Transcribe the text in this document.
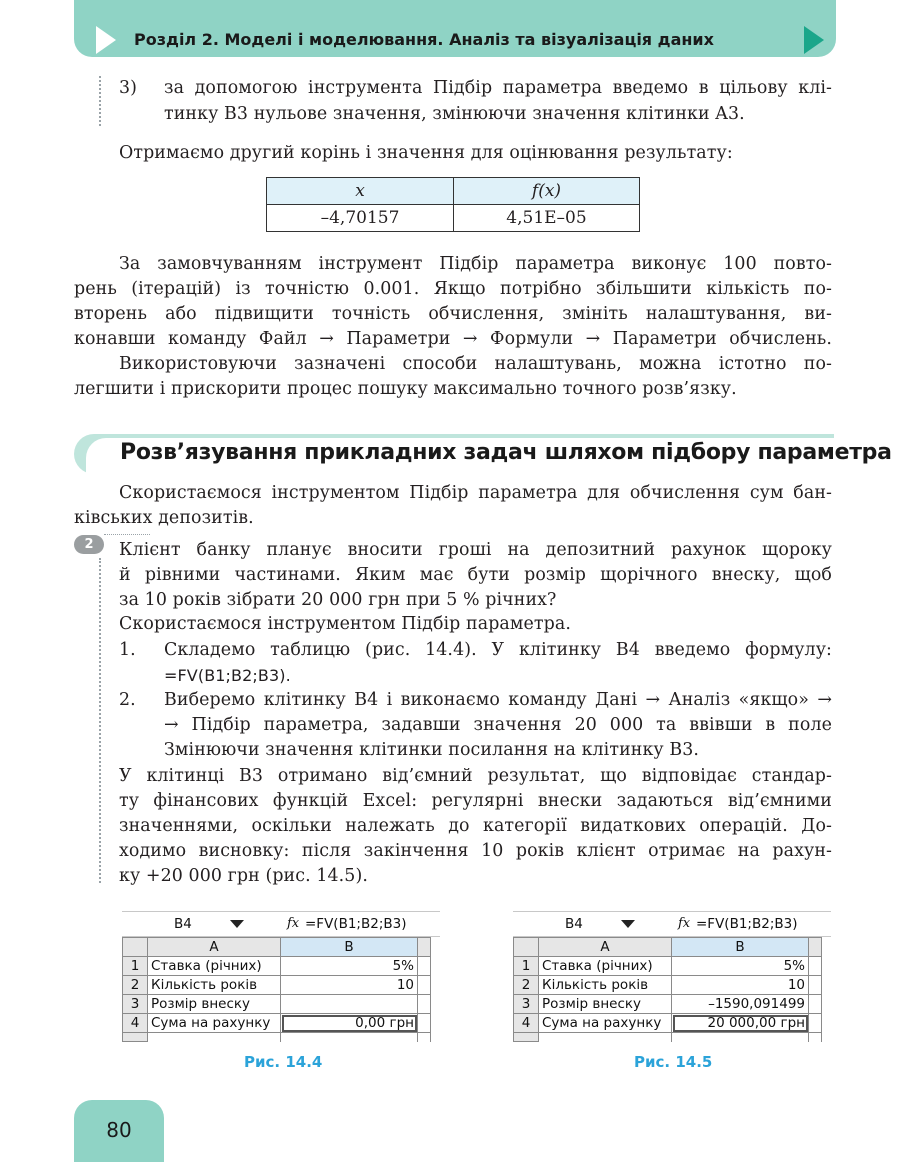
Розділ 2. Моделі і моделювання. Аналіз та візуалізація даних
3) за допомогою інструмента Підбір параметра введемо в цільову клі-
тинку B3 нульове значення, змінюючи значення клітинки A3.
Отримаємо другий корінь і значення для оцінювання результату:
x	f(x)
–4,70157	4,51E–05
За замовчуванням інструмент Підбір параметра виконує 100 повто-
рень (ітерацій) із точністю 0.001. Якщо потрібно збільшити кількість по-
вторень або підвищити точність обчислення, змініть налаштування, ви-
конавши команду Файл → Параметри → Формули → Параметри обчислень.
Використовуючи зазначені способи налаштувань, можна істотно по-
легшити і прискорити процес пошуку максимально точного розв’язку.
Розв’язування прикладних задач шляхом підбору параметра
Скористаємося інструментом Підбір параметра для обчислення сум бан-
ківських депозитів.
2	Клієнт банку планує вносити гроші на депозитний рахунок щороку
й рівними частинами. Яким має бути розмір щорічного внеску, щоб
за 10 років зібрати 20 000 грн при 5 % річних?
Скористаємося інструментом Підбір параметра.
1. Складемо таблицю (рис. 14.4). У клітинку B4 введемо формулу:
=FV(B1;B2;B3).
2. Виберемо клітинку B4 і виконаємо команду Дані → Аналіз «якщо» →
→ Підбір параметра, задавши значення 20 000 та ввівши в поле
Змінюючи значення клітинки посилання на клітинку B3.
У клітинці B3 отримано від’ємний результат, що відповідає стандар-
ту фінансових функцій Excel: регулярні внески задаються від’ємними
значеннями, оскільки належать до категорії видаткових операцій. До-
ходимо висновку: після закінчення 10 років клієнт отримає на рахун-
ку +20 000 грн (рис. 14.5).
B4	fx =FV(B1;B2;B3)
	A	B	
1	Ставка (річних)	5%	
2	Кількість років	10	
3	Розмір внеску		
4	Сума на рахунку	0,00 грн	

Рис. 14.4
B4	fx =FV(B1;B2;B3)
	A	B	
1	Ставка (річних)	5%	
2	Кількість років	10	
3	Розмір внеску	–1590,091499	
4	Сума на рахунку	20 000,00 грн	

Рис. 14.5
80
